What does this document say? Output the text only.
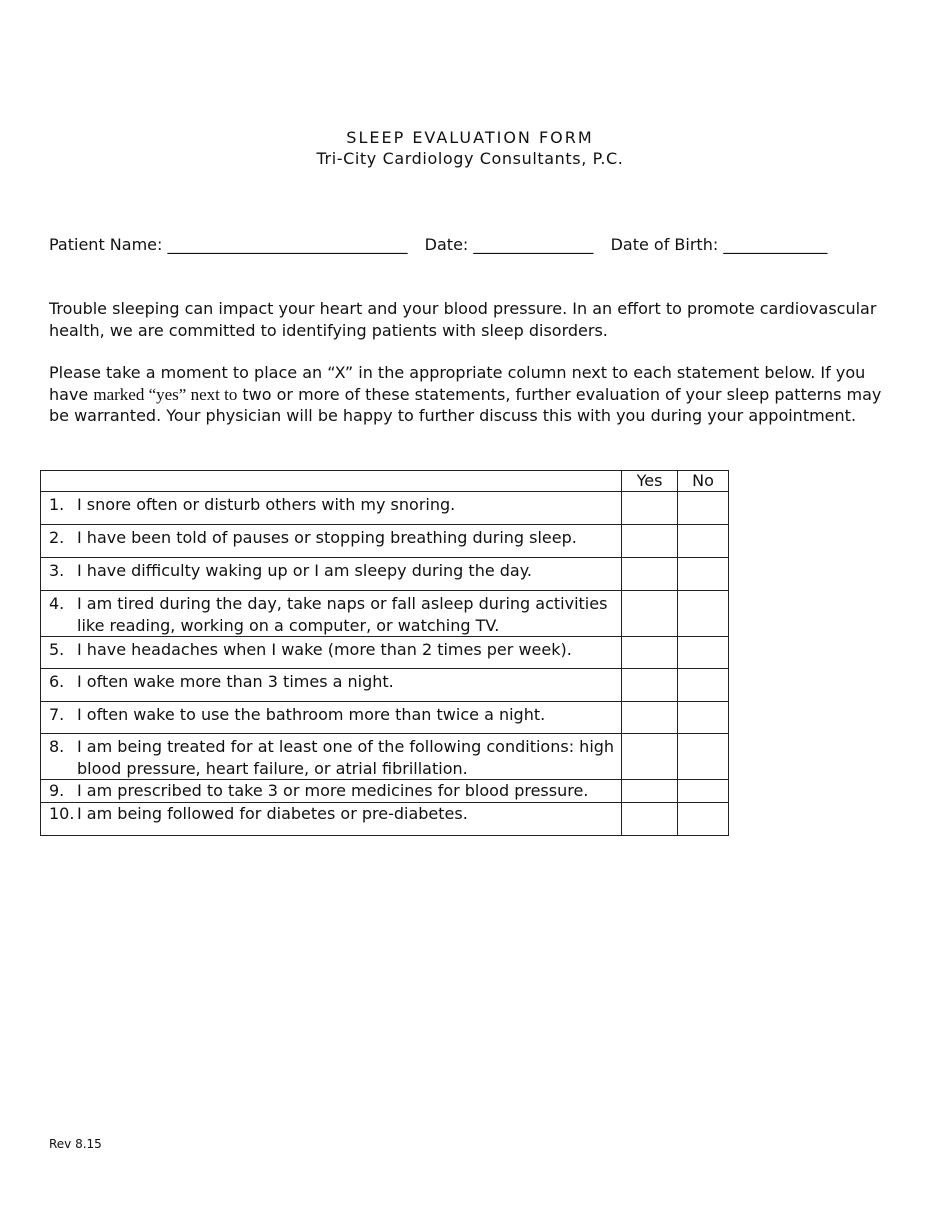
SLEEP EVALUATION FORM
Tri-City Cardiology Consultants, P.C.
Patient Name: ______________________________ Date: _______________ Date of Birth: _____________

Trouble sleeping can impact your heart and your blood pressure. In an effort to promote cardiovascular health, we are committed to identifying patients with sleep disorders.

Please take a moment to place an “X” in the appropriate column next to each statement below. If you have marked “yes” next to two or more of these statements, further evaluation of your sleep patterns may be warranted. Your physician will be happy to further discuss this with you during your appointment.

	Yes	No

1. I snore often or disturb others with my snoring.		

2. I have been told of pauses or stopping breathing during sleep.		

3. I have difficulty waking up or I am sleepy during the day.		

4. I am tired during the day, take naps or fall asleep during activities like reading, working on a computer, or watching TV.		

5. I have headaches when I wake (more than 2 times per week).		

6. I often wake more than 3 times a night.		

7. I often wake to use the bathroom more than twice a night.		

8. I am being treated for at least one of the following conditions: high blood pressure, heart failure, or atrial fibrillation.		

9. I am prescribed to take 3 or more medicines for blood pressure.		

10. I am being followed for diabetes or pre-diabetes.		

Rev 8.15
